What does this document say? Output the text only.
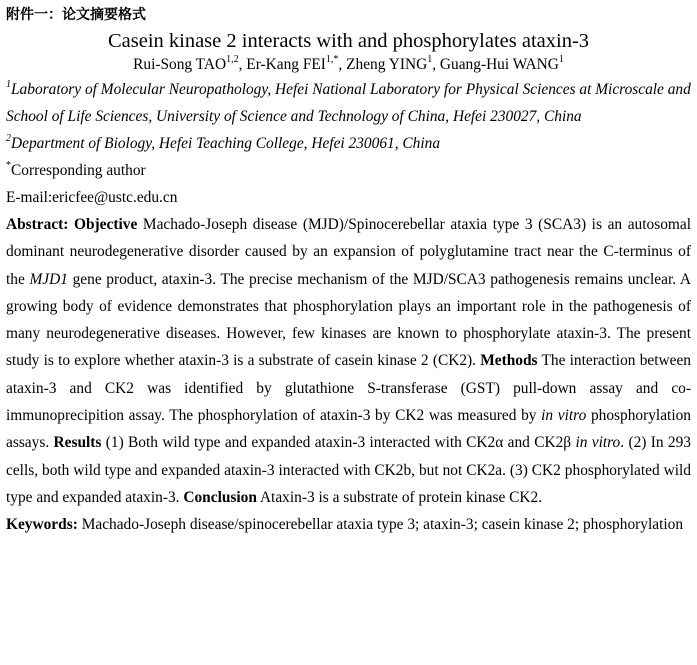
附件一：论文摘要格式
Casein kinase 2 interacts with and phosphorylates ataxin-3
Rui-Song TAO$^{1,2}$, Er-Kang $FEI^{1,*}$, Zheng YING$^1$, Guang-Hui WANG$^1$
$^1$Laboratory of Molecular Neuropathology, Hefei National Laboratory for Physical Sciences at Microscale and School of Life Sciences, University of Science and Technology of China, Hefei 230027, China
$^2$Department of Biology, Hefei Teaching College, Hefei 230061, China
*Corresponding author
E-mail:ericfee@ustc.edu.cn
Abstract: Objective Machado-Joseph disease (MJD)/Spinocerebellar ataxia type 3 (SCA3) is an autosomal dominant neurodegenerative disorder caused by an expansion of polyglutamine tract near the C-terminus of the MJD1 gene product, ataxin-3. The precise mechanism of the MJD/SCA3 pathogenesis remains unclear. A growing body of evidence demonstrates that phosphorylation plays an important role in the pathogenesis of many neurodegenerative diseases. However, few kinases are known to phosphorylate ataxin-3. The present study is to explore whether ataxin-3 is a substrate of casein kinase 2 (CK2). Methods The interaction between ataxin-3 and CK2 was identified by glutathione S-transferase (GST) pull-down assay and co-immunoprecipition assay. The phosphorylation of ataxin-3 by CK2 was measured by in vitro phosphorylation assays. Results (1) Both wild type and expanded ataxin-3 interacted with CK2α and CK2β in vitro. (2) In 293 cells, both wild type and expanded ataxin-3 interacted with CK2b, but not CK2a. (3) CK2 phosphorylated wild type and expanded ataxin-3. Conclusion Ataxin-3 is a substrate of protein kinase CK2.
Keywords: Machado-Joseph disease/spinocerebellar ataxia type 3; ataxin-3; casein kinase 2; phosphorylation
